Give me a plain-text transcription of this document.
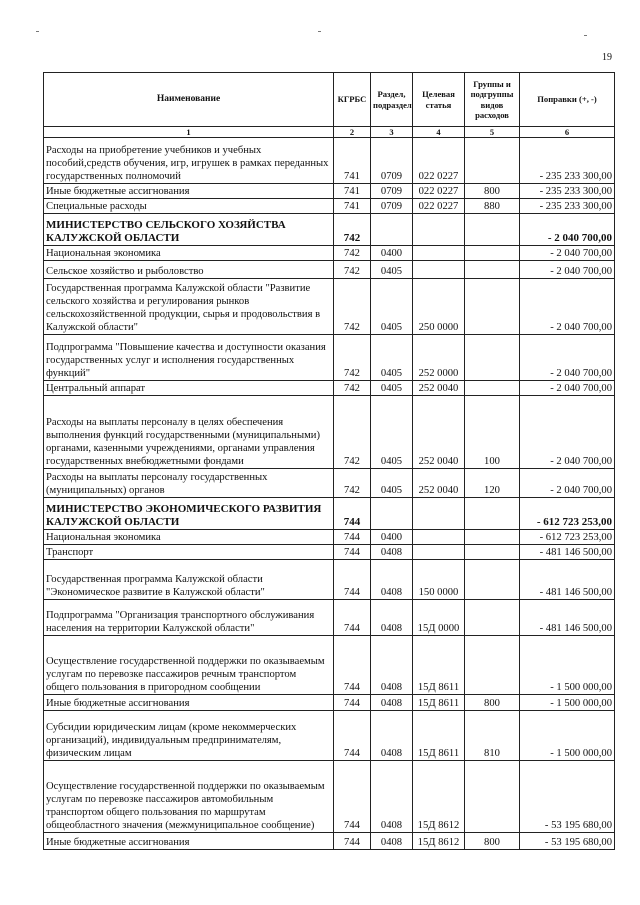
19
Наименование	КГРБС	Раздел, подраздел	Целевая статья	Группы и подгруппы видов расходов	Поправки (+, -)
1	2	3	4	5	6
Расходы на приобретение учебников и учебных пособий,средств обучения, игр, игрушек в рамках переданных государственных полномочий	741	0709	022 0227		- 235 233 300,00
Иные бюджетные ассигнования	741	0709	022 0227	800	- 235 233 300,00
Специальные расходы	741	0709	022 0227	880	- 235 233 300,00
МИНИСТЕРСТВО СЕЛЬСКОГО ХОЗЯЙСТВА КАЛУЖСКОЙ ОБЛАСТИ	742				- 2 040 700,00
Национальная экономика	742	0400			- 2 040 700,00
Сельское хозяйство и рыболовство	742	0405			- 2 040 700,00
Государственная программа Калужской области "Развитие сельского хозяйства и регулирования рынков сельскохозяйственной продукции, сырья и продовольствия в Калужской области"	742	0405	250 0000		- 2 040 700,00
Подпрограмма "Повышение качества и доступности оказания государственных услуг и исполнения государственных функций"	742	0405	252 0000		- 2 040 700,00
Центральный аппарат	742	0405	252 0040		- 2 040 700,00
Расходы на выплаты персоналу в целях обеспечения выполнения функций государственными (муниципальными) органами, казенными учреждениями, органами управления государственных внебюджетными фондами	742	0405	252 0040	100	- 2 040 700,00
Расходы на выплаты персоналу государственных (муниципальных) органов	742	0405	252 0040	120	- 2 040 700,00
МИНИСТЕРСТВО ЭКОНОМИЧЕСКОГО РАЗВИТИЯ КАЛУЖСКОЙ ОБЛАСТИ	744				- 612 723 253,00
Национальная экономика	744	0400			- 612 723 253,00
Транспорт	744	0408			- 481 146 500,00
Государственная программа Калужской области "Экономическое развитие в Калужской области"	744	0408	150 0000		- 481 146 500,00
Подпрограмма "Организация транспортного обслуживания населения на территории Калужской области"	744	0408	15Д 0000		- 481 146 500,00
Осуществление государственной поддержки по оказываемым услугам по перевозке пассажиров речным транспортом общего пользования в пригородном сообщении	744	0408	15Д 8611		- 1 500 000,00
Иные бюджетные ассигнования	744	0408	15Д 8611	800	- 1 500 000,00
Субсидии юридическим лицам (кроме некоммерческих организаций), индивидуальным предпринимателям, физическим лицам	744	0408	15Д 8611	810	- 1 500 000,00
Осуществление государственной поддержки по оказываемым услугам по перевозке пассажиров автомобильным транспортом общего пользования по маршрутам общеобластного значения (межмуниципальное сообщение)	744	0408	15Д 8612		- 53 195 680,00
Иные бюджетные ассигнования	744	0408	15Д 8612	800	- 53 195 680,00
